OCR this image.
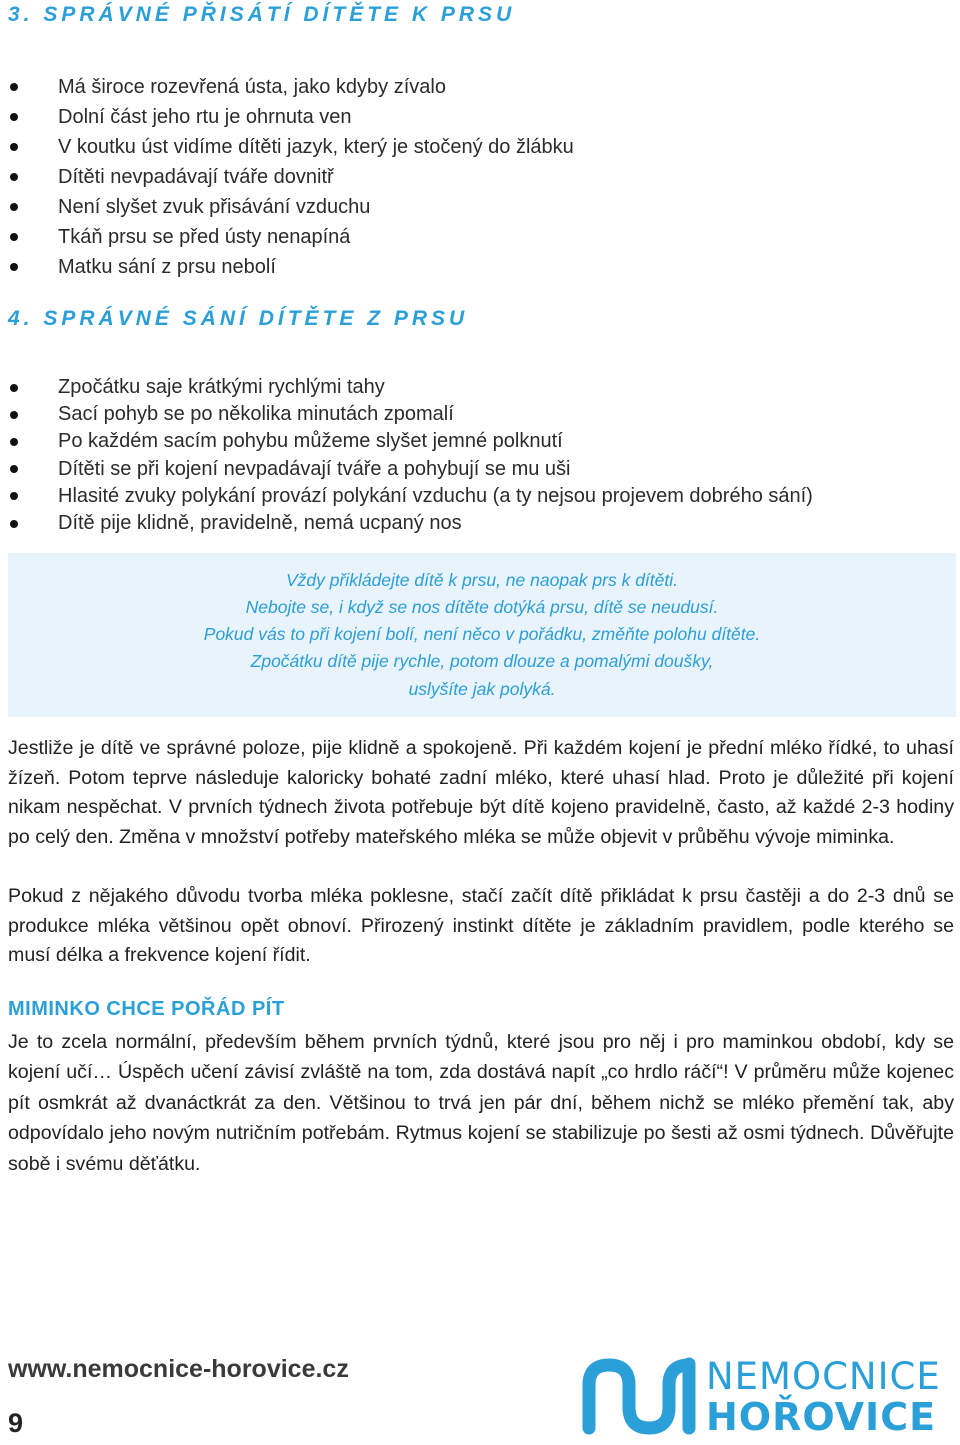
3. SPRÁVNÉ PŘISÁTÍ DÍTĚTE K PRSU
Má široce rozevřená ústa, jako kdyby zívalo
Dolní část jeho rtu je ohrnuta ven
V koutku úst vidíme dítěti jazyk, který je stočený do žlábku
Dítěti nevpadávají tváře dovnitř
Není slyšet zvuk přisávání vzduchu
Tkáň prsu se před ústy nenapíná
Matku sání z prsu nebolí
4. SPRÁVNÉ SÁNÍ DÍTĚTE Z PRSU
Zpočátku saje krátkými rychlými tahy
Sací pohyb se po několika minutách zpomalí
Po každém sacím pohybu můžeme slyšet jemné polknutí
Dítěti se při kojení nevpadávají tváře a pohybují se mu uši
Hlasité zvuky polykání provází polykání vzduchu (a ty nejsou projevem dobrého sání)
Dítě pije klidně, pravidelně, nemá ucpaný nos
Vždy přikládejte dítě k prsu, ne naopak prs k dítěti.
Nebojte se, i když se nos dítěte dotýká prsu, dítě se neudusí.
Pokud vás to při kojení bolí, není něco v pořádku, změňte polohu dítěte.
Zpočátku dítě pije rychle, potom dlouze a pomalými doušky,
uslyšíte jak polyká.

Jestliže je dítě ve správné poloze, pije klidně a spokojeně. Při každém kojení je přední mléko řídké, to uhasí žízeň. Potom teprve následuje kaloricky bohaté zadní mléko, které uhasí hlad. Proto je důležité při kojení nikam nespěchat. V prvních týdnech života potřebuje být dítě kojeno pravidelně, často, až každé 2-3 hodiny po celý den. Změna v množství potřeby mateřského mléka se může objevit v průběhu vývoje miminka.

Pokud z nějakého důvodu tvorba mléka poklesne, stačí začít dítě přikládat k prsu častěji a do 2-3 dnů se produkce mléka většinou opět obnoví. Přirozený instinkt dítěte je základním pravidlem, podle kterého se musí délka a frekvence kojení řídit.

MIMINKO CHCE POŘÁD PÍT

Je to zcela normální, především během prvních týdnů, které jsou pro něj i pro maminkou období, kdy se kojení učí… Úspěch učení závisí zvláště na tom, zda dostává napít „co hrdlo ráčí“! V průměru může kojenec pít osmkrát až dvanáctkrát za den. Většinou to trvá jen pár dní, během nichž se mléko přemění tak, aby odpovídalo jeho novým nutričním potřebám. Rytmus kojení se stabilizuje po šesti až osmi týdnech. Důvěřujte sobě i svému děťátku.

www.nemocnice-horovice.cz

9

NEMOCNICE

HOŘOVICE
